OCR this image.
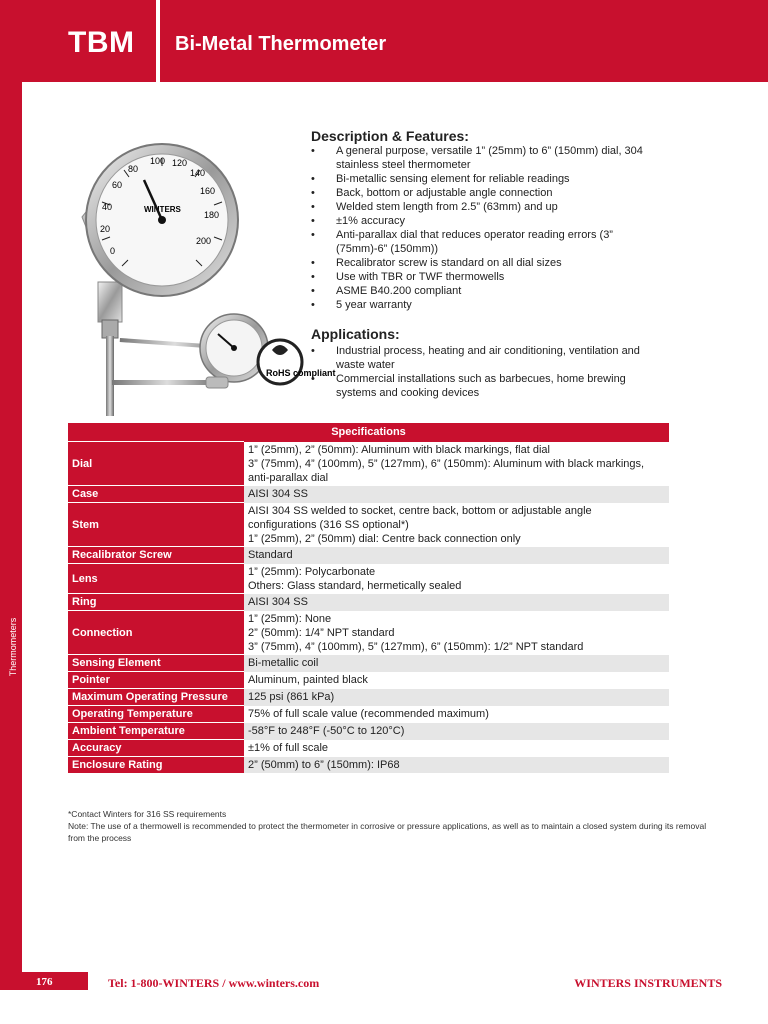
TBM Bi-Metal Thermometer
Thermometers
0
20
40
60
80
100 120
140
160
180
200
WINTERS
RoHS compliant
Description & Features:
• A general purpose, versatile 1” (25mm) to 6” (150mm) dial, 304 stainless steel thermometer
• Bi-metallic sensing element for reliable readings
• Back, bottom or adjustable angle connection
• Welded stem length from 2.5” (63mm) and up
• ±1% accuracy
• Anti-parallax dial that reduces operator reading errors (3” (75mm)-6” (150mm))
• Recalibrator screw is standard on all dial sizes
• Use with TBR or TWF thermowells
• ASME B40.200 compliant
• 5 year warranty
Applications:
• Industrial process, heating and air conditioning, ventilation and waste water
• Commercial installations such as barbecues, home brewing systems and cooking devices
Specifications	
Dial	1” (25mm), 2” (50mm): Aluminum with black markings, flat dial
3” (75mm), 4” (100mm), 5” (127mm), 6” (150mm): Aluminum with black markings,
anti-parallax dial

Case	AISI 304 SS

Stem	AISI 304 SS welded to socket, centre back, bottom or adjustable angle
configurations (316 SS optional*)
1” (25mm), 2” (50mm) dial: Centre back connection only

Recalibrator Screw	Standard

Lens	1” (25mm): Polycarbonate
Others: Glass standard, hermetically sealed

Ring	AISI 304 SS

Connection	1” (25mm): None
2” (50mm): 1/4” NPT standard
3” (75mm), 4” (100mm), 5” (127mm), 6” (150mm): 1/2” NPT standard

Sensing Element	Bi-metallic coil

Pointer	Aluminum, painted black

Maximum Operating Pressure	125 psi (861 kPa)

Operating Temperature	75% of full scale value (recommended maximum)

Ambient Temperature	-58°F to 248°F (-50°C to 120°C)

Accuracy	±1% of full scale

Enclosure Rating	2” (50mm) to 6” (150mm): IP68
*Contact Winters for 316 SS requirements
Note: The use of a thermowell is recommended to protect the thermometer in corrosive or pressure applications, as well as to maintain a closed system during its removal from the process
176	Tel: 1-800-WINTERS / www.winters.com	WINTERS INSTRUMENTS
